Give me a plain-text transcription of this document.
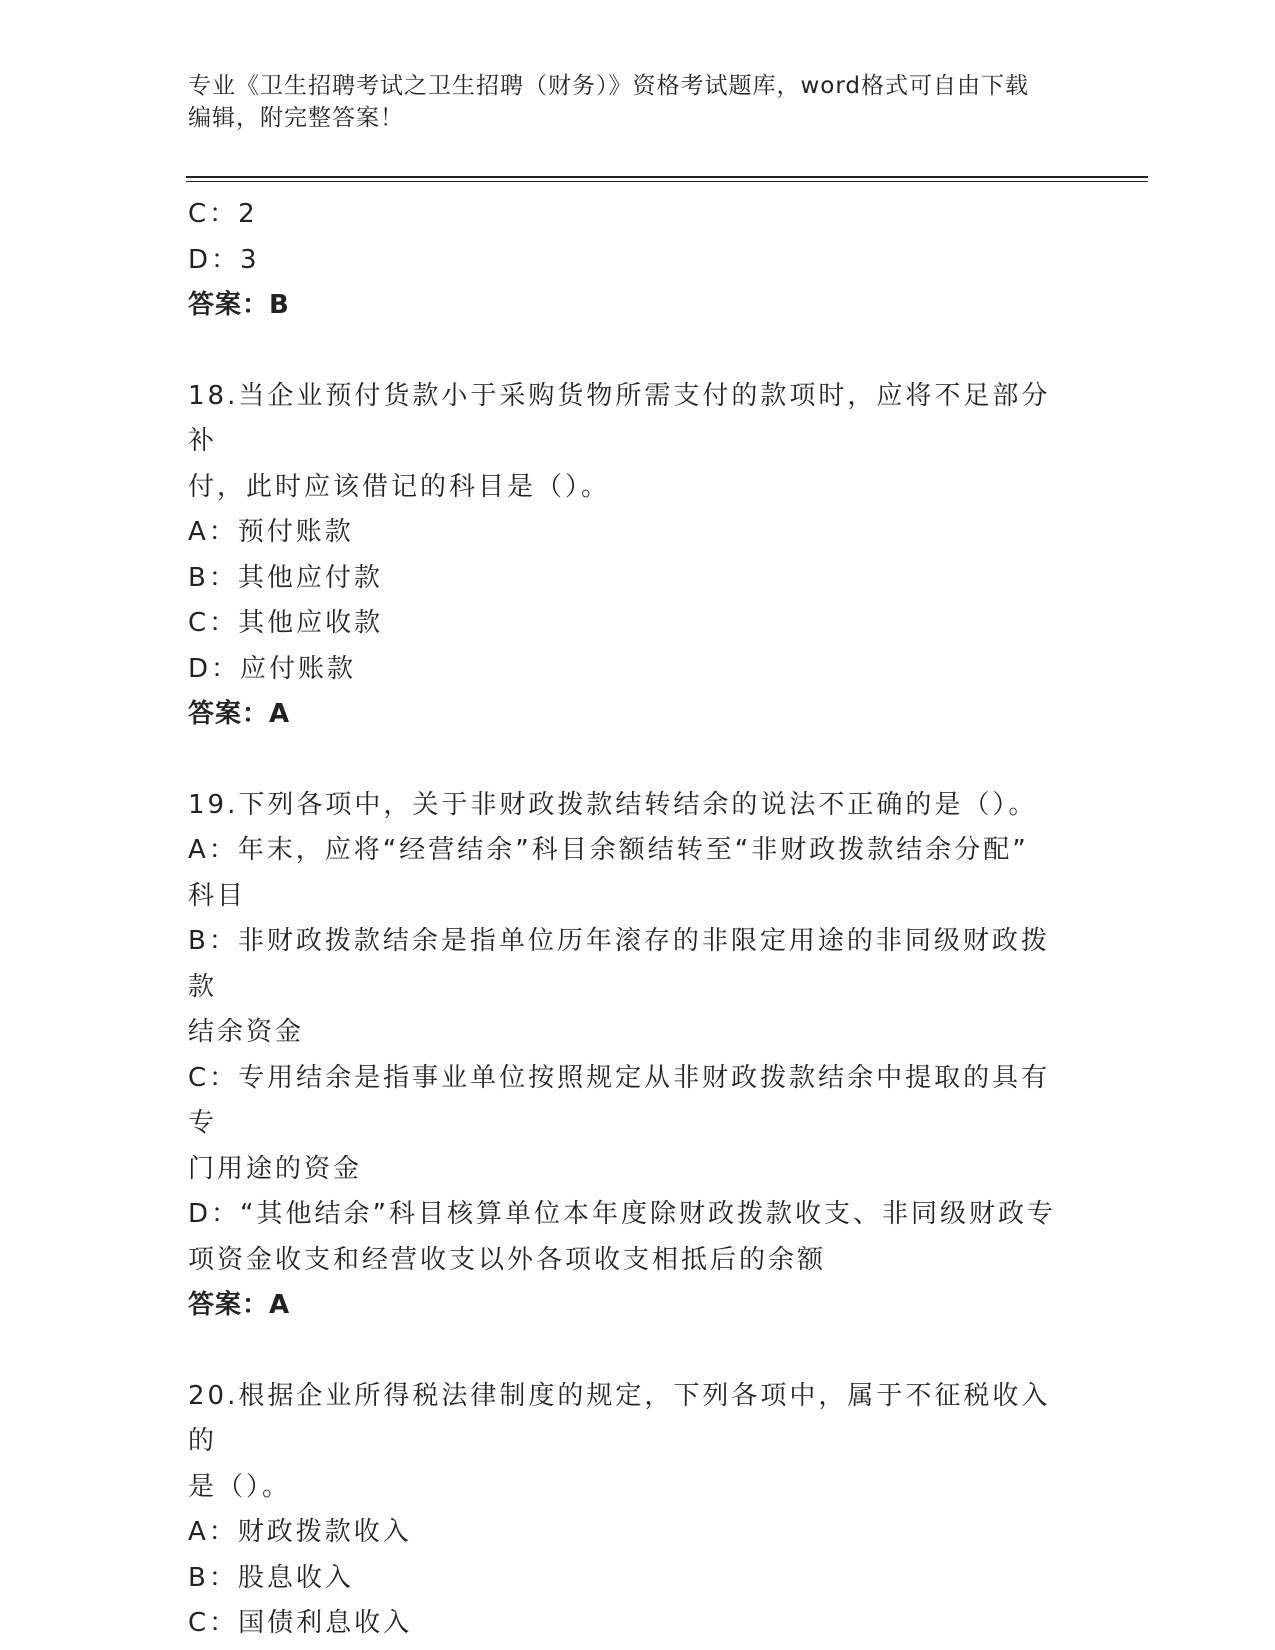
专业《卫生招聘考试之卫生招聘（财务）》资格考试题库，word格式可自由下载
编辑，附完整答案！

C：2

D：3

答案：B

18.当企业预付货款小于采购货物所需支付的款项时，应将不足部分补

付，此时应该借记的科目是（）。

A：预付账款

B：其他应付款

C：其他应收款

D：应付账款

答案：A

19.下列各项中，关于非财政拨款结转结余的说法不正确的是（）。

A：年末，应将“经营结余”科目余额结转至“非财政拨款结余分配”

科目

B：非财政拨款结余是指单位历年滚存的非限定用途的非同级财政拨款

结余资金

C：专用结余是指事业单位按照规定从非财政拨款结余中提取的具有专

门用途的资金

D：“其他结余”科目核算单位本年度除财政拨款收支、非同级财政专

项资金收支和经营收支以外各项收支相抵后的余额

答案：A

20.根据企业所得税法律制度的规定，下列各项中，属于不征税收入的

是（）。

A：财政拨款收入

B：股息收入

C：国债利息收入
